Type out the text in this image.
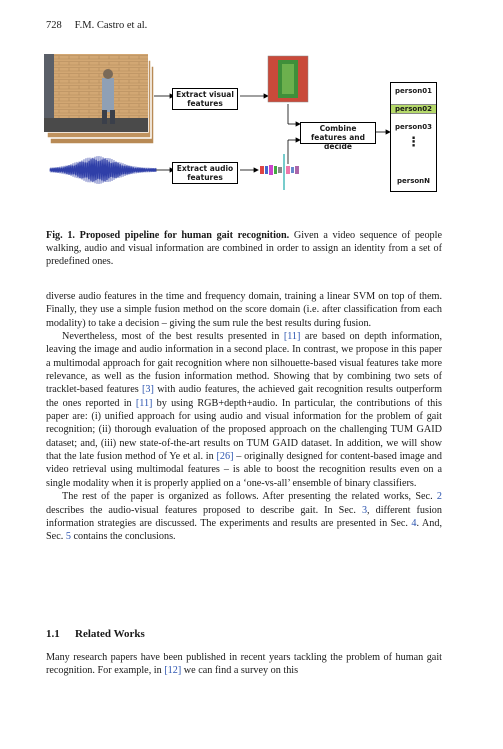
728 F.M. Castro et al.
Extract visual features
Extract audio features
Combine features and decide
person01
person02
person03
⋮
personN
Fig. 1. Proposed pipeline for human gait recognition. Given a video sequence of people walking, audio and visual information are combined in order to assign an identity from a set of predefined ones.

diverse audio features in the time and frequency domain, training a linear SVM on top of them. Finally, they use a simple fusion method on the score domain (i.e. after classification from each modality) to take a decision – giving the sum rule the best results during fusion.

Nevertheless, most of the best results presented in [11] are based on depth information, leaving the image and audio information in a second place. In contrast, we propose in this paper a multimodal approach for gait recognition where non silhouette-based visual features take more relevance, as well as the fusion information method. Showing that by combining two sets of tracklet-based features [3] with audio features, the achieved gait recognition results outperform the ones reported in [11] by using RGB+depth+audio. In particular, the contributions of this paper are: (i) unified approach for using audio and visual information for the problem of gait recognition; (ii) thorough evaluation of the proposed approach on the challenging TUM GAID dataset; and, (iii) new state-of-the-art results on TUM GAID dataset. In addition, we will show that the late fusion method of Ye et al. in [26] – originally designed for content-based image and video retrieval using multimodal features – is able to boost the recognition results even on a single modality when it is properly applied on a ‘one-vs-all’ ensemble of binary classifiers.

The rest of the paper is organized as follows. After presenting the related works, Sec. 2 describes the audio-visual features proposed to describe gait. In Sec. 3, different fusion information strategies are discussed. The experiments and results are presented in Sec. 4. And, Sec. 5 contains the conclusions.

1.1 Related Works

Many research papers have been published in recent years tackling the problem of human gait recognition. For example, in [12] we can find a survey on this
